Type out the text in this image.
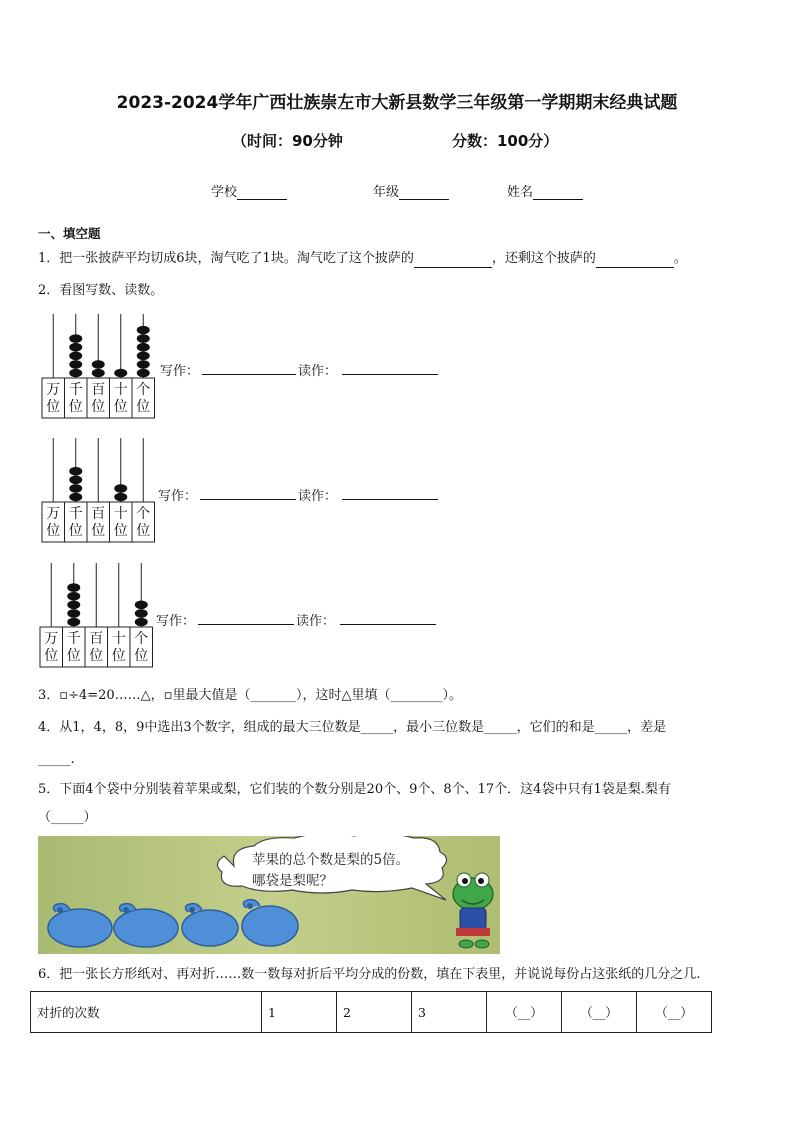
2023-2024学年广西壮族崇左市大新县数学三年级第一学期期末经典试题
（时间：90分钟	分数：100分）
学校	年级	姓名
一、填空题
1．把一张披萨平均切成6块，淘气吃了1块。淘气吃了这个披萨的	，还剩这个披萨的	。
2．看图写数、读数。
万
位
千
位
百
位
十
位
个
位
写作：	读作：
万
位
千
位
百
位
十
位
个
位
写作：	读作：
万
位
千
位
百
位
十
位
个
位
写作：	读作：
3．▫÷4=20……△，▫里最大值是（_______），这时△里填（________）。
4．从1，4，8，9中选出3个数字，组成的最大三位数是_____，最小三位数是_____，它们的和是_____，差是
_____.
5．下面4个袋中分别装着苹果或梨，它们装的个数分别是20个、9个、8个、17个．这4袋中只有1袋是梨.梨有
（_____）
苹果的总个数是梨的5倍。
哪袋是梨呢？
6．把一张长方形纸对、再对折……数一数每对折后平均分成的份数，填在下表里，并说说每份占这张纸的几分之几.
对折的次数	1	2	3	（__）	（__）	（__）
